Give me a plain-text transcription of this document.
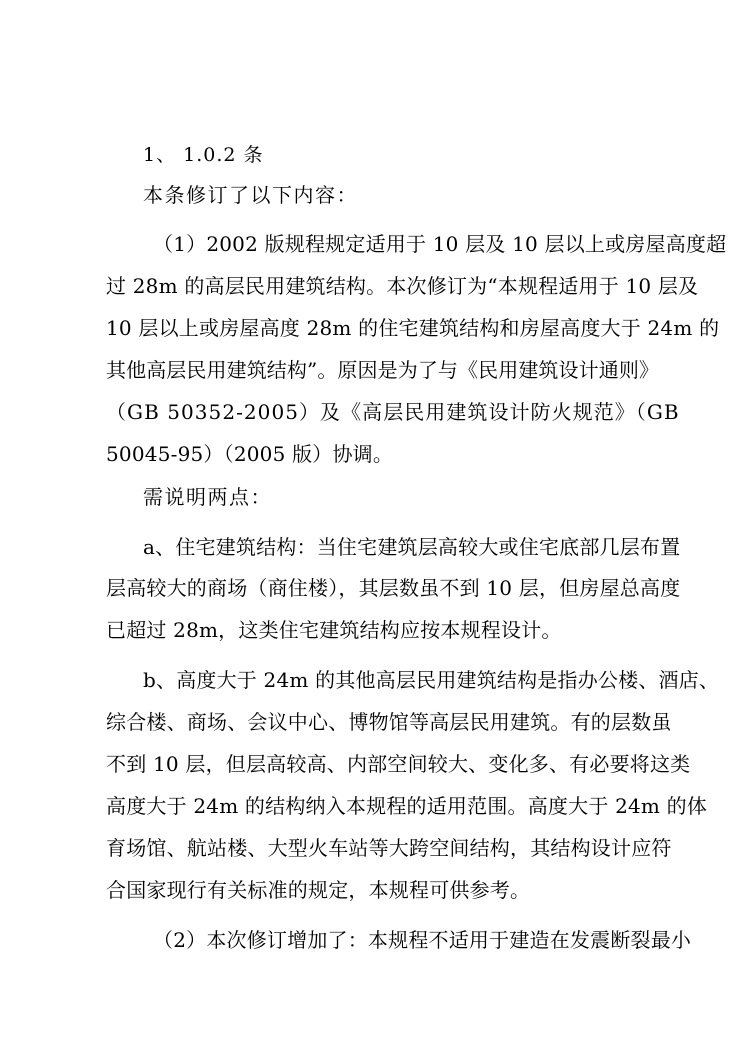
1、 1.0.2 条
本条修订了以下内容：
（1）2002 版规程规定适用于 10 层及 10 层以上或房屋高度超
过 28m 的高层民用建筑结构。本次修订为“本规程适用于 10 层及
10 层以上或房屋高度 28m 的住宅建筑结构和房屋高度大于 24m 的
其他高层民用建筑结构”。原因是为了与《民用建筑设计通则》
（GB 50352-2005）及《高层民用建筑设计防火规范》（GB
50045-95）（2005 版）协调。
需说明两点：
a、住宅建筑结构：当住宅建筑层高较大或住宅底部几层布置
层高较大的商场（商住楼），其层数虽不到 10 层，但房屋总高度
已超过 28m，这类住宅建筑结构应按本规程设计。
b、高度大于 24m 的其他高层民用建筑结构是指办公楼、酒店、
综合楼、商场、会议中心、博物馆等高层民用建筑。有的层数虽
不到 10 层，但层高较高、内部空间较大、变化多、有必要将这类
高度大于 24m 的结构纳入本规程的适用范围。高度大于 24m 的体
育场馆、航站楼、大型火车站等大跨空间结构，其结构设计应符
合国家现行有关标准的规定，本规程可供参考。
（2）本次修订增加了：本规程不适用于建造在发震断裂最小
